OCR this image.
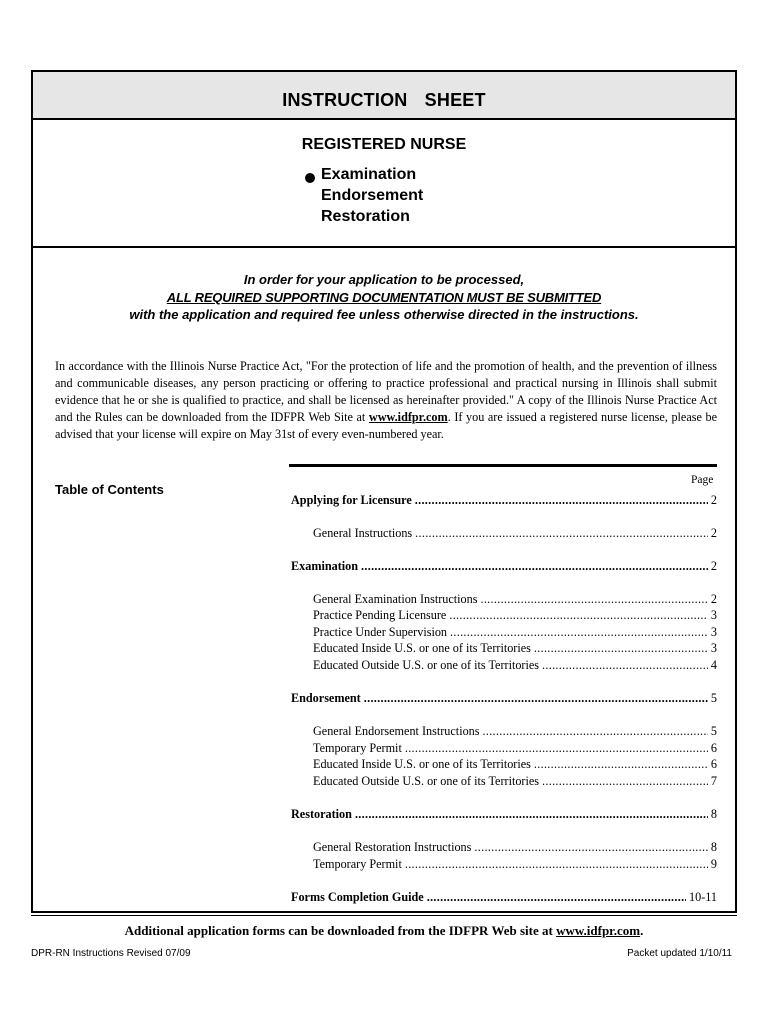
INSTRUCTION SHEET
REGISTERED NURSE
Examination
Endorsement
Restoration
In order for your application to be processed,
ALL REQUIRED SUPPORTING DOCUMENTATION MUST BE SUBMITTED
with the application and required fee unless otherwise directed in the instructions.
In accordance with the Illinois Nurse Practice Act, "For the protection of life and the promotion of health, and the prevention of illness and communicable diseases, any person practicing or offering to practice professional and practical nursing in Illinois shall submit evidence that he or she is qualified to practice, and shall be licensed as hereinafter provided." A copy of the Illinois Nurse Practice Act and the Rules can be downloaded from the IDFPR Web Site at www.idfpr.com. If you are issued a registered nurse license, please be advised that your license will expire on May 31st of every even-numbered year.
Table of Contents
Page
Applying for Licensure .....	2
General Instructions .....	2
Examination .....	2
General Examination Instructions .....	2
Practice Pending Licensure .....	3
Practice Under Supervision .....	3
Educated Inside U.S. or one of its Territories .....	3
Educated Outside U.S. or one of its Territories .....	4
Endorsement .....	5
General Endorsement Instructions .....	5
Temporary Permit .....	6
Educated Inside U.S. or one of its Territories .....	6
Educated Outside U.S. or one of its Territories .....	7
Restoration .....	8
General Restoration Instructions .....	8
Temporary Permit .....	9
Forms Completion Guide .....	10-11
Additional application forms can be downloaded from the IDFPR Web site at www.idfpr.com.
DPR-RN Instructions Revised 07/09	Packet updated 1/10/11
